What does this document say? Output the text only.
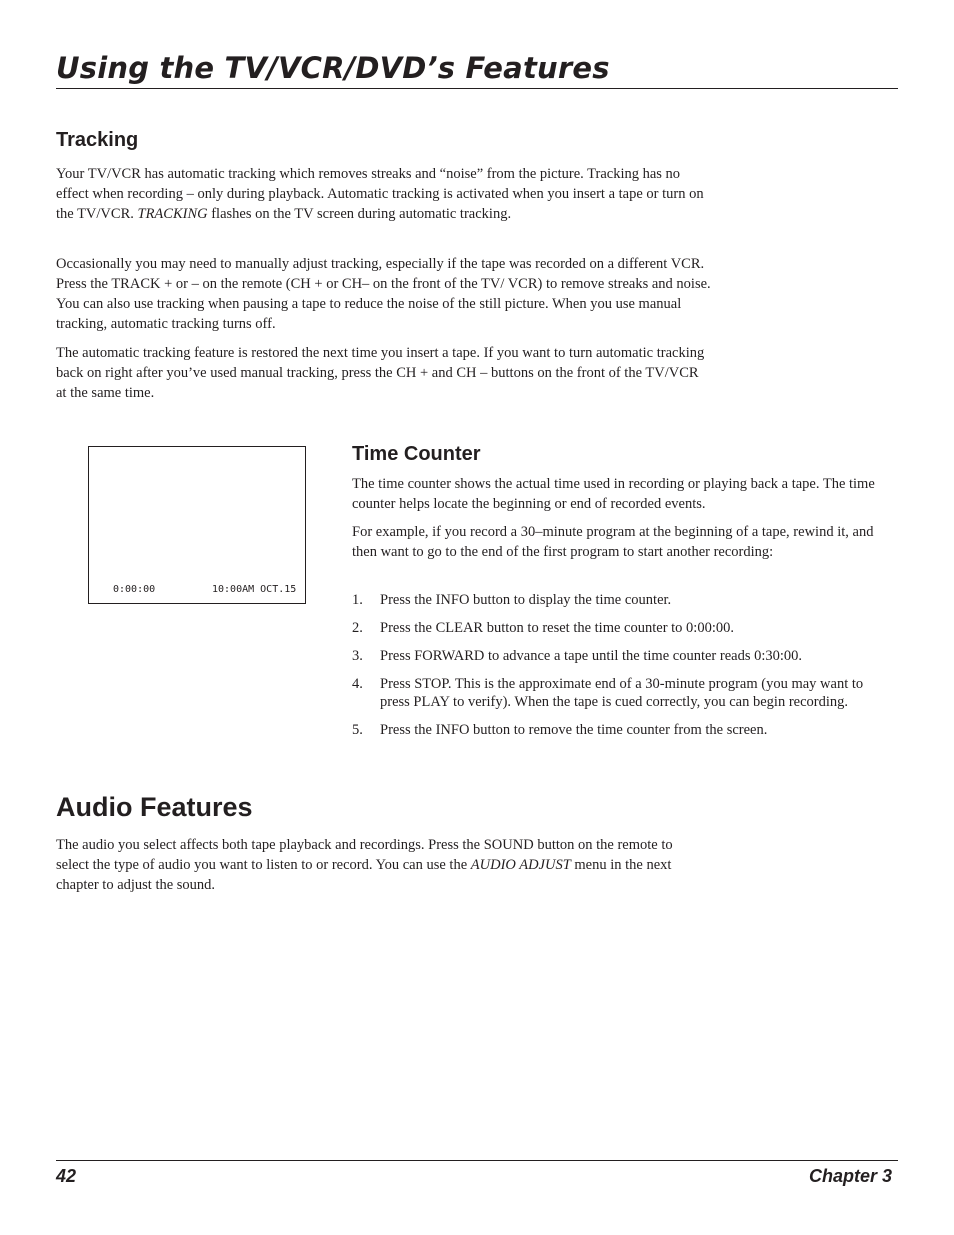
Using the TV/VCR/DVD’s Features
Tracking

Your TV/VCR has automatic tracking which removes streaks and “noise” from the picture. Tracking has no effect when recording – only during playback. Automatic tracking is activated when you insert a tape or turn on the TV/VCR. TRACKING flashes on the TV screen during automatic tracking.

Occasionally you may need to manually adjust tracking, especially if the tape was recorded on a different VCR. Press the TRACK + or – on the remote (CH + or CH– on the front of the TV/ VCR) to remove streaks and noise. You can also use tracking when pausing a tape to reduce the noise of the still picture. When you use manual tracking, automatic tracking turns off.

The automatic tracking feature is restored the next time you insert a tape. If you want to turn automatic tracking back on right after you’ve used manual tracking, press the CH + and CH – buttons on the front of the TV/VCR at the same time.

0:00:00	10:00AM OCT.15
Time Counter

The time counter shows the actual time used in recording or playing back a tape. The time counter helps locate the beginning or end of recorded events.

For example, if you record a 30–minute program at the beginning of a tape, rewind it, and then want to go to the end of the first program to start another recording:

1. Press the INFO button to display the time counter.
2. Press the CLEAR button to reset the time counter to 0:00:00.
3. Press FORWARD to advance a tape until the time counter reads 0:30:00.
4. Press STOP. This is the approximate end of a 30-minute program (you may want to press PLAY to verify). When the tape is cued correctly, you can begin recording.
5. Press the INFO button to remove the time counter from the screen.
Audio Features

The audio you select affects both tape playback and recordings. Press the SOUND button on the remote to select the type of audio you want to listen to or record. You can use the AUDIO ADJUST menu in the next chapter to adjust the sound.

42	Chapter 3
